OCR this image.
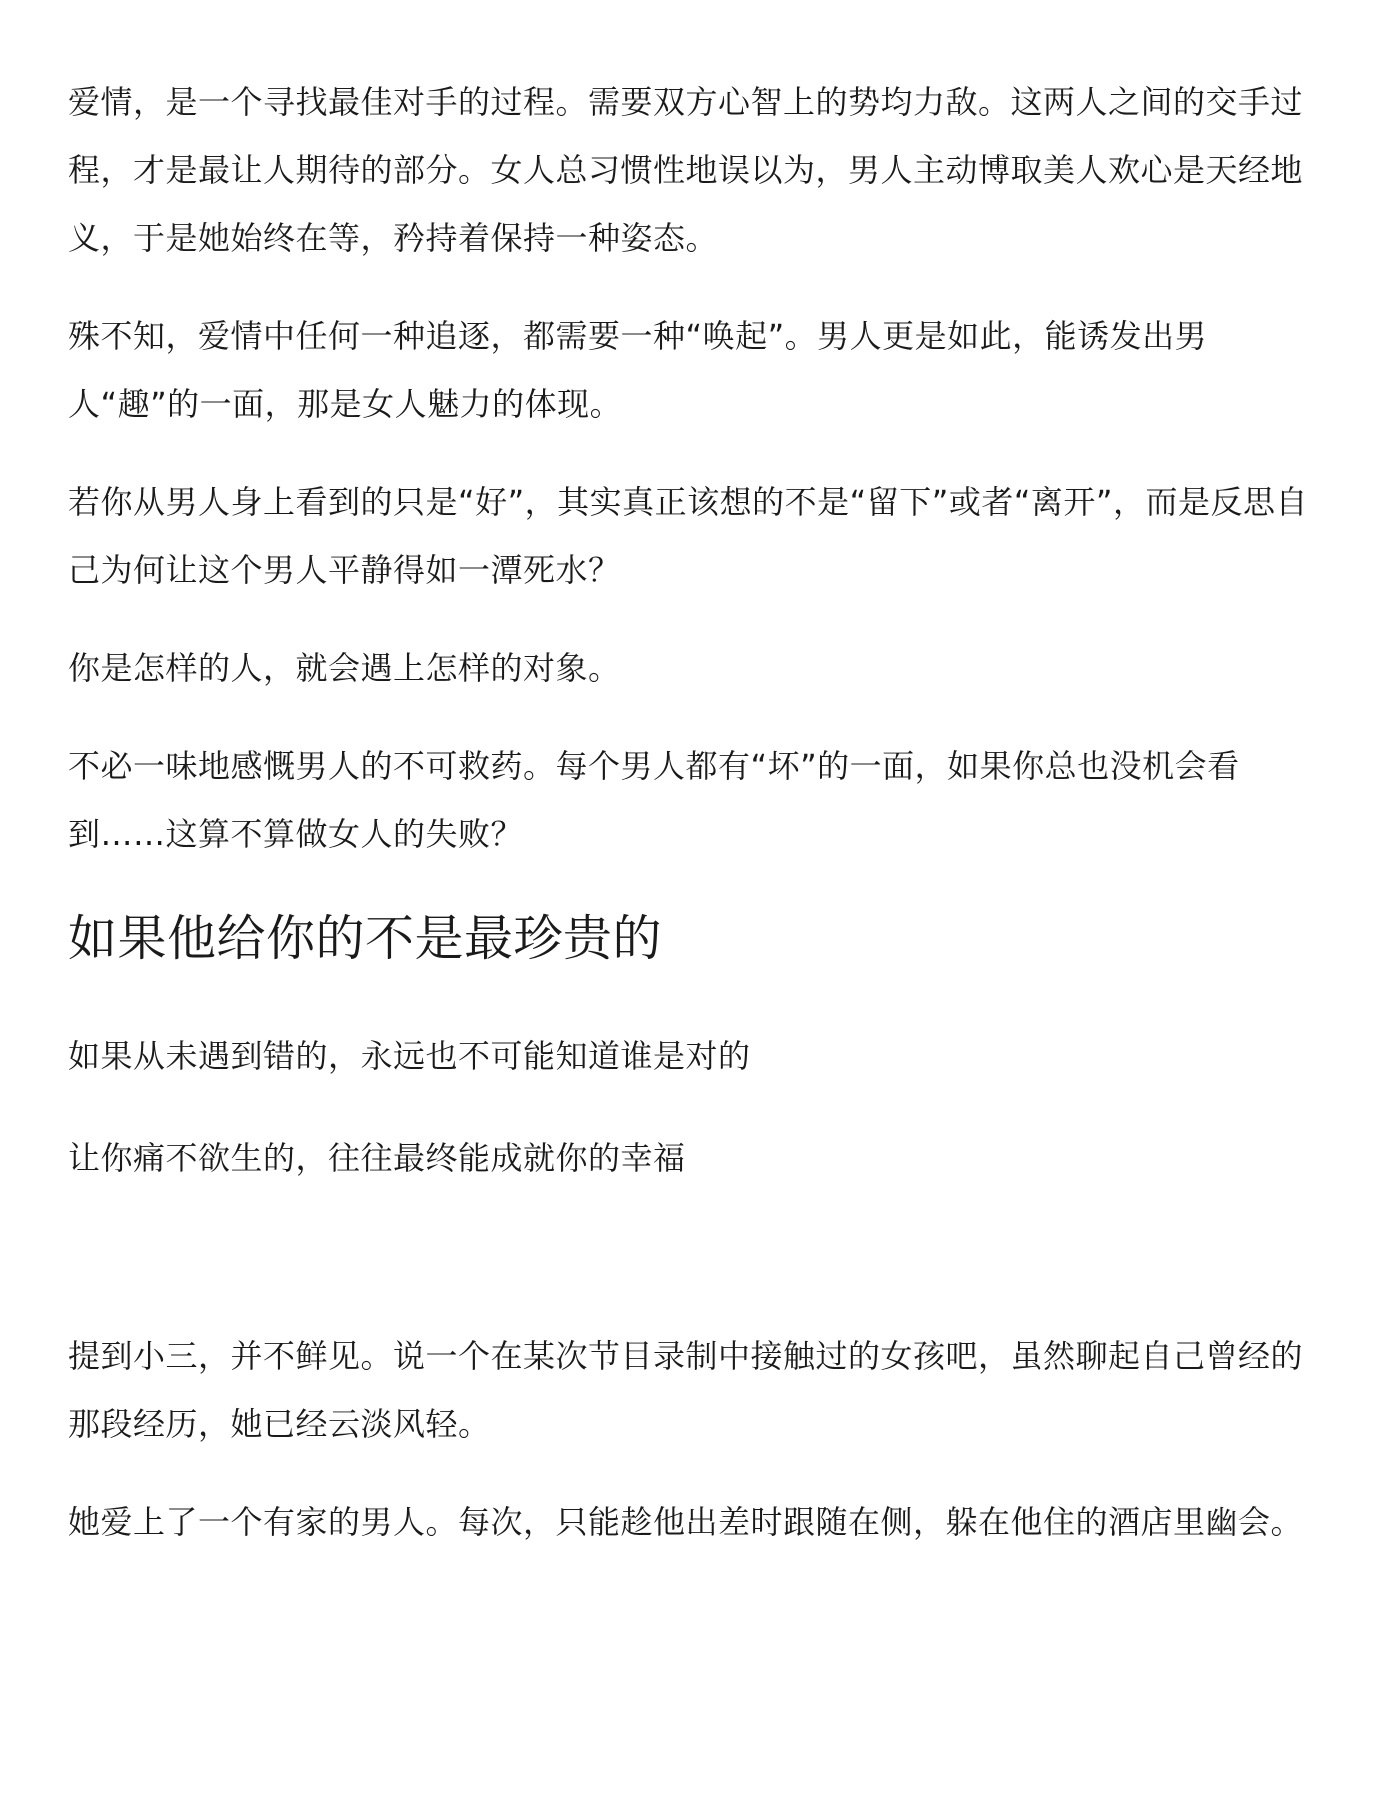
爱情，是一个寻找最佳对手的过程。需要双方心智上的势均力敌。这两人之间的交手过程，才是最让人期待的部分。女人总习惯性地误以为，男人主动博取美人欢心是天经地义，于是她始终在等，矜持着保持一种姿态。

殊不知，爱情中任何一种追逐，都需要一种“唤起”。男人更是如此，能诱发出男人“趣”的一面，那是女人魅力的体现。

若你从男人身上看到的只是“好”，其实真正该想的不是“留下”或者“离开”，而是反思自己为何让这个男人平静得如一潭死水？

你是怎样的人，就会遇上怎样的对象。

不必一味地感慨男人的不可救药。每个男人都有“坏”的一面，如果你总也没机会看到……这算不算做女人的失败？

如果他给你的不是最珍贵的

如果从未遇到错的，永远也不可能知道谁是对的

让你痛不欲生的，往往最终能成就你的幸福

提到小三，并不鲜见。说一个在某次节目录制中接触过的女孩吧，虽然聊起自己曾经的那段经历，她已经云淡风轻。

她爱上了一个有家的男人。每次，只能趁他出差时跟随在侧，躲在他住的酒店里幽会。
